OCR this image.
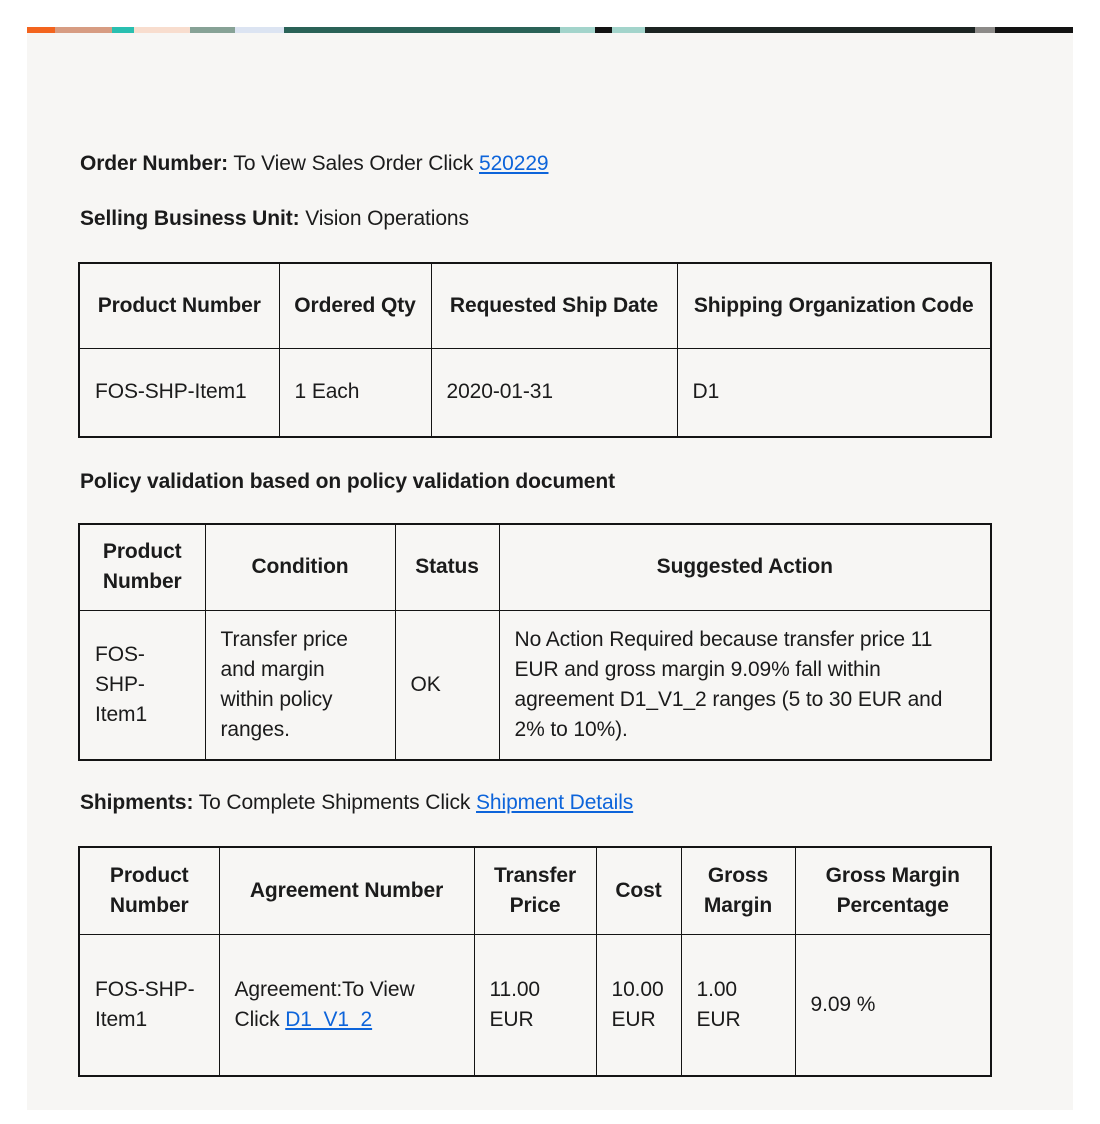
Order Number: To View Sales Order Click 520229

Selling Business Unit: Vision Operations

Product Number	Ordered Qty	Requested Ship Date	Shipping Organization Code
FOS-SHP-Item1	1 Each	2020-01-31	D1
Policy validation based on policy validation document
Product Number	Condition	Status	Suggested Action
FOS-SHP-Item1	Transfer price and margin within policy ranges.	OK	No Action Required because transfer price 11 EUR and gross margin 9.09% fall within agreement D1_V1_2 ranges (5 to 30 EUR and 2% to 10%).

Shipments: To Complete Shipments Click Shipment Details

Product Number	Agreement Number	Transfer Price	Cost	Gross Margin	Gross Margin Percentage
FOS-SHP-Item1	Agreement:To View Click D1_V1_2	11.00 EUR	10.00 EUR	1.00 EUR	9.09 %
